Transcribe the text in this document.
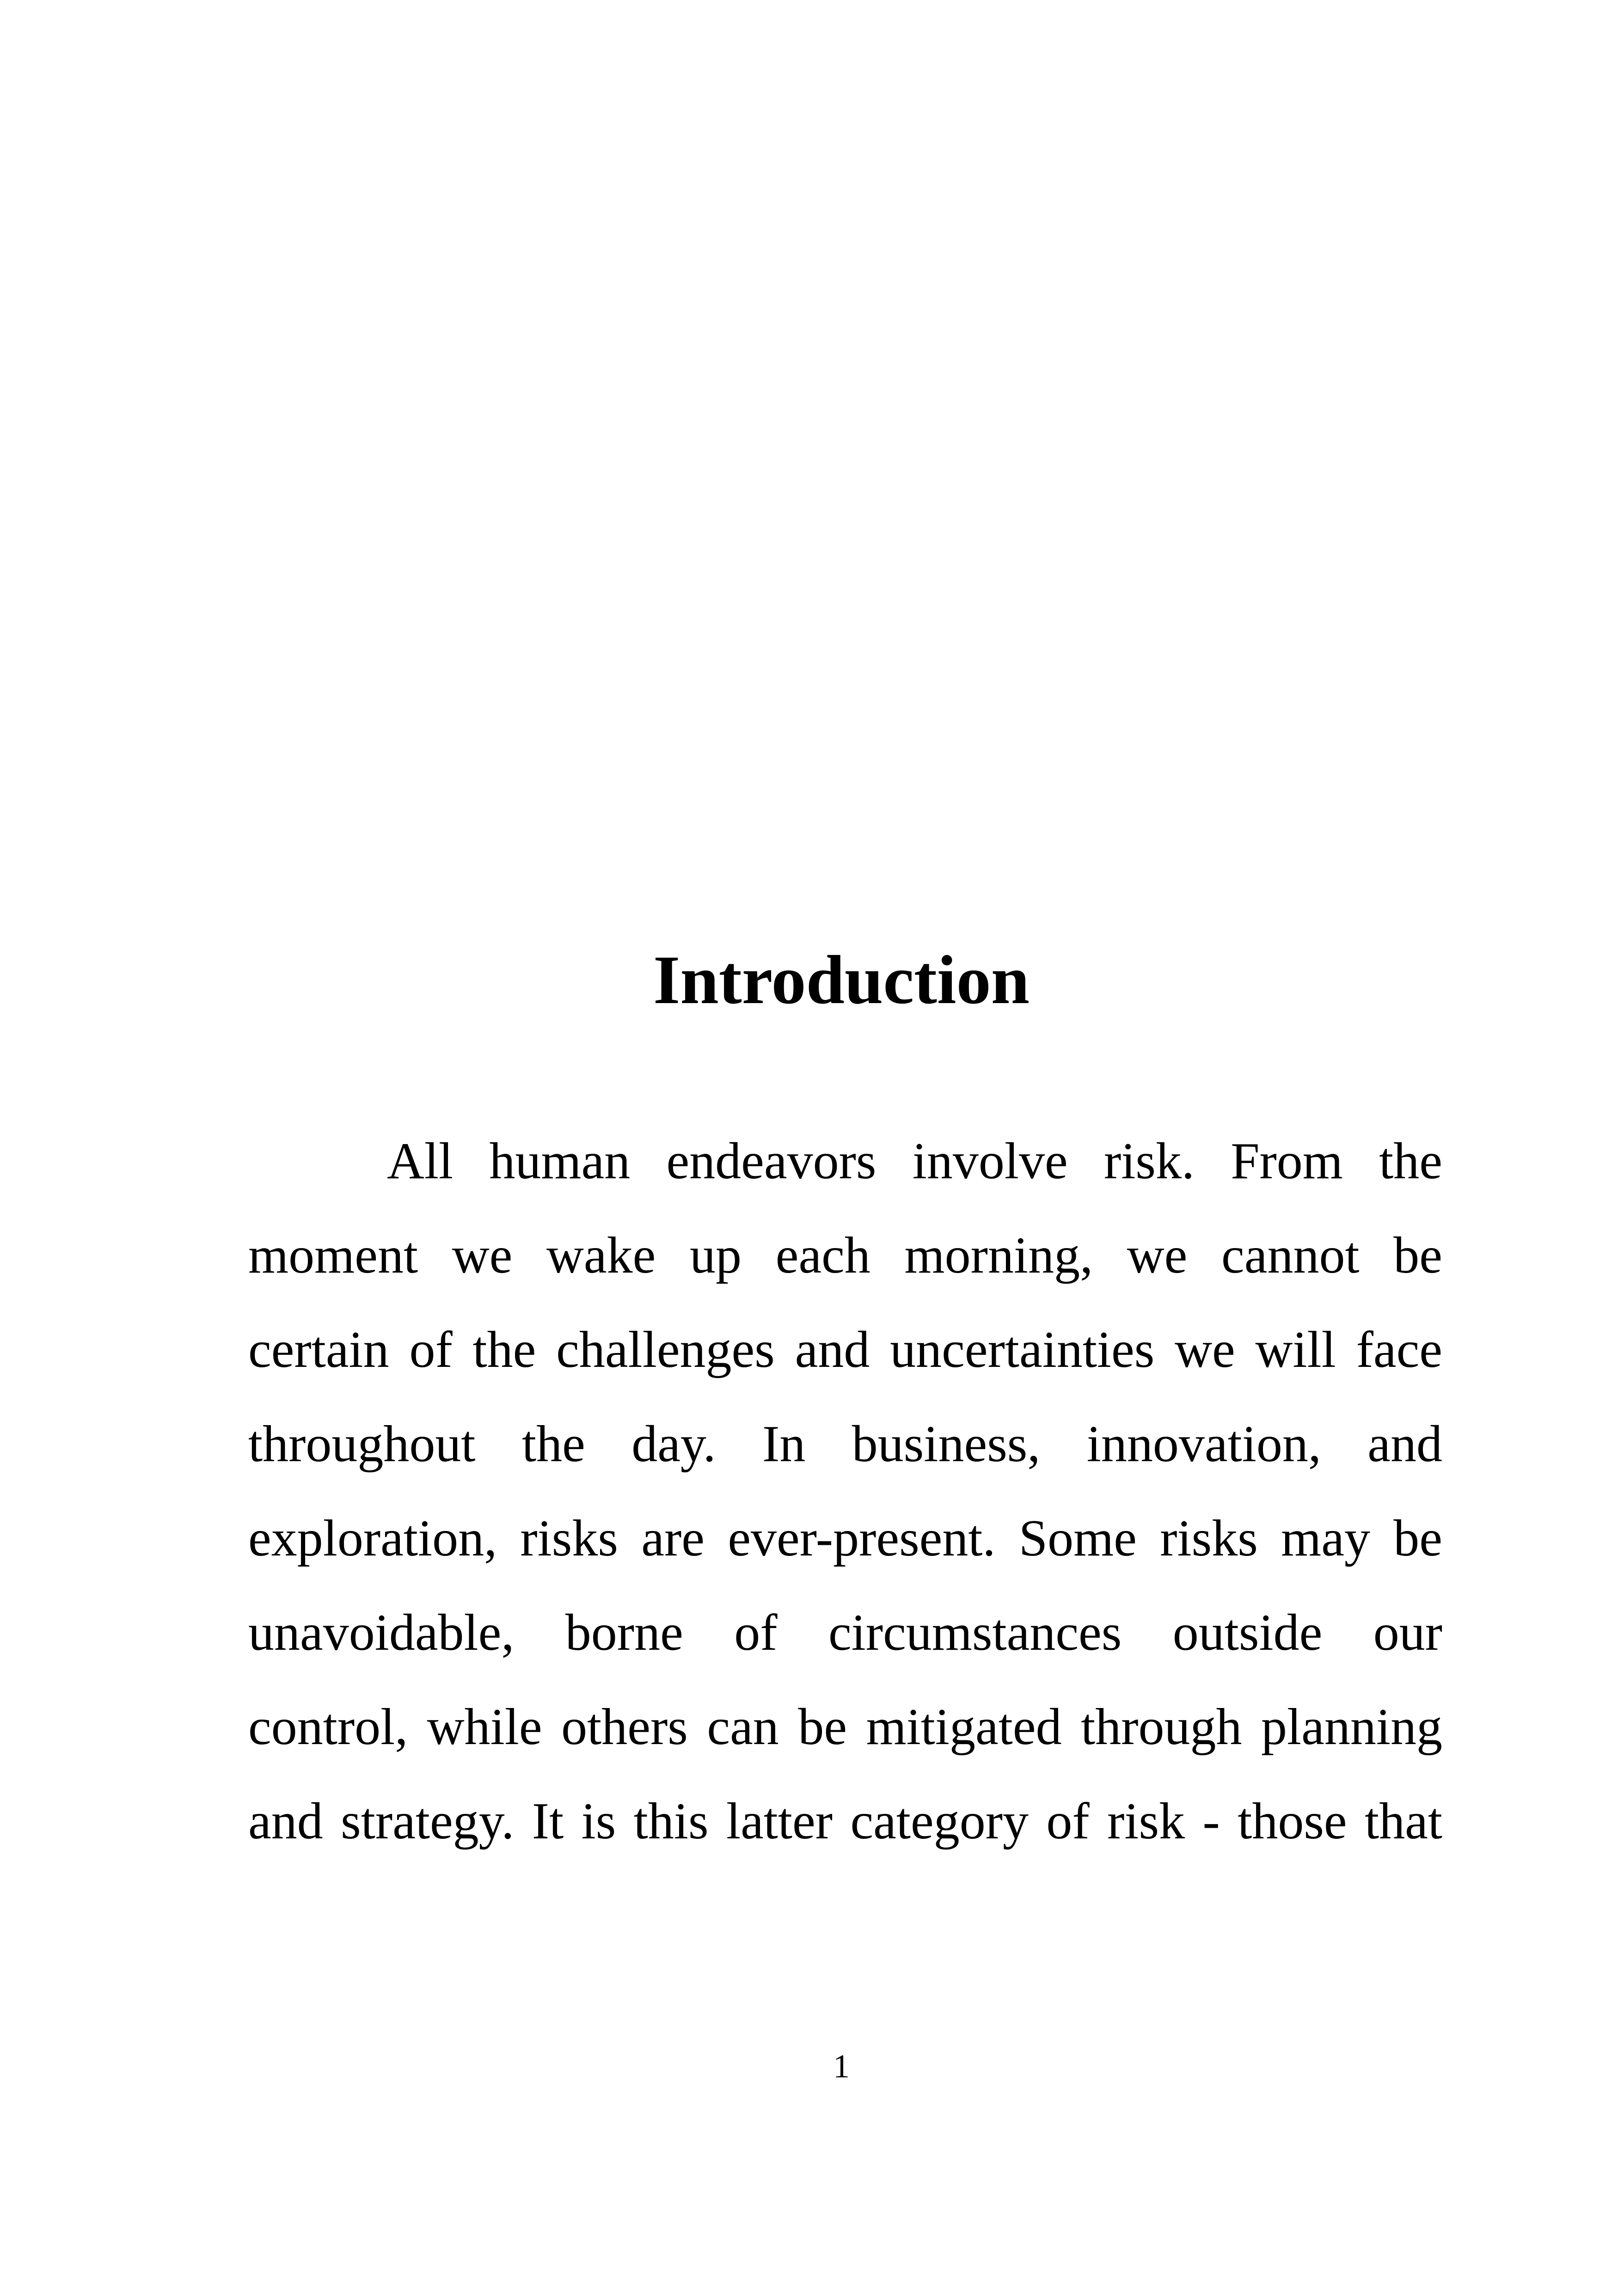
Introduction
All human endeavors involve risk. From the
moment we wake up each morning, we cannot be
certain of the challenges and uncertainties we will face
throughout the day. In business, innovation, and
exploration, risks are ever-present. Some risks may be
unavoidable, borne of circumstances outside our
control, while others can be mitigated through planning
and strategy. It is this latter category of risk - those that
1
